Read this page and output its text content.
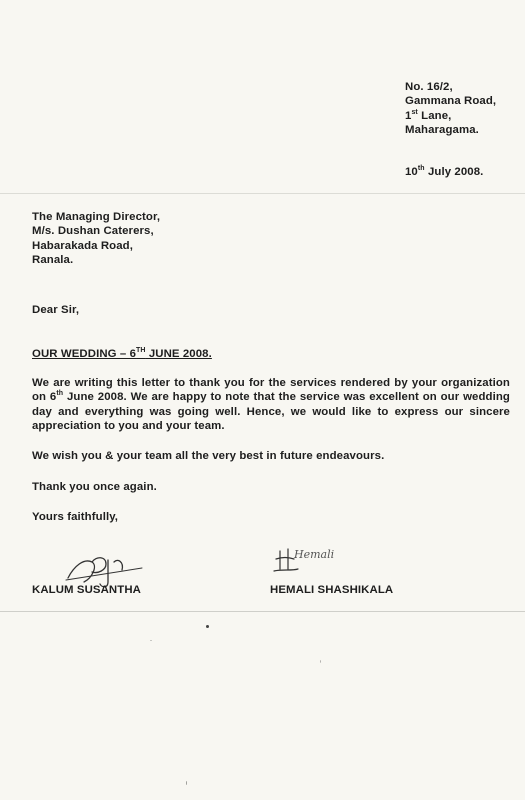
No. 16/2,
Gammana Road,
1st Lane,
Maharagama.
10th July 2008.
The Managing Director,
M/s. Dushan Caterers,
Habarakada Road,
Ranala.
Dear Sir,
OUR WEDDING – 6TH JUNE 2008.
We are writing this letter to thank you for the services rendered by your organization on 6th June 2008. We are happy to note that the service was excellent on our wedding day and everything was going well. Hence, we would like to express our sincere appreciation to you and your team.
We wish you & your team all the very best in future endeavours.
Thank you once again.
Yours faithfully,
Hemali
KALUM SUSANTHA	HEMALI SHASHIKALA
